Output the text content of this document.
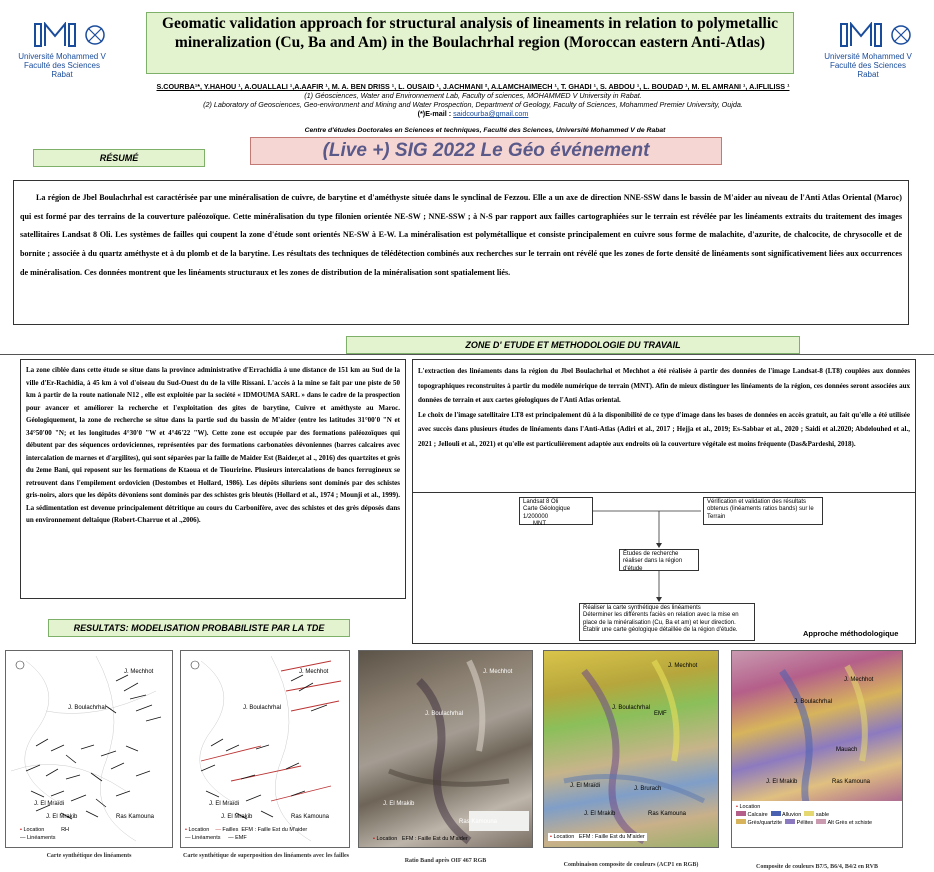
Université Mohammed V
Faculté des Sciences
Rabat
Université Mohammed V
Faculté des Sciences
Rabat
Geomatic validation approach for structural analysis of lineaments in relation to polymetallic mineralization (Cu, Ba and Am) in the Boulachrhal region (Moroccan eastern Anti-Atlas)
S.COURBA¹*, Y.HAHOU ¹, A.OUALLALI ¹,A.AAFIR ¹, M. A. BEN DRISS ¹, L. OUSAID ¹, J.ACHMANI ², A.LAMCHAIMECH ¹, T. GHADI ¹, S. ABDOU ¹, L. BOUDAD ¹, M. EL AMRANI ¹, A.IFLILISS ¹
(1) Géosciences, Water and Environnement Lab, Faculty of sciences, MOHAMMED V University in Rabat.
(2) Laboratory of Geosciences, Geo-environment and Mining and Water Prospection, Department of Geology, Faculty of Sciences, Mohammed Premier University, Oujda.
(*)E-mail : saidcourba@gmail.com
Centre d'études Doctorales en Sciences et techniques, Faculté des Sciences, Université Mohammed V de Rabat
(Live +) SIG 2022 Le Géo événement
RÉSUMÉ
La région de Jbel Boulachrhal est caractérisée par une minéralisation de cuivre, de barytine et d'améthyste située dans le synclinal de Fezzou. Elle a un axe de direction NNE-SSW dans le bassin de M'aider au niveau de l'Anti Atlas Oriental (Maroc) qui est formé par des terrains de la couverture paléozoïque. Cette minéralisation du type filonien orientée NE-SW ; NNE-SSW ; à N-S par rapport aux failles cartographiées sur le terrain est révélée par les linéaments extraits du traitement des images satellitaires Landsat 8 Oli. Les systèmes de failles qui coupent la zone d'étude sont orientés NE-SW à E-W. La minéralisation est polymétallique et consiste principalement en cuivre sous forme de malachite, d'azurite, de chalcocite, de chrysocolle et de bornite ; associée à du quartz améthyste et à du plomb et de la barytine. Les résultats des techniques de télédétection combinés aux recherches sur le terrain ont révélé que les zones de forte densité de linéaments sont significativement liées aux occurrences de minéralisation. Ces données montrent que les linéaments structuraux et les zones de distribution de la minéralisation sont spatialement liés.
ZONE D' ETUDE ET METHODOLOGIE DU TRAVAIL
La zone ciblée dans cette étude se situe dans la province administrative d'Errachidia à une distance de 151 km au Sud de la ville d'Er-Rachidia, à 45 km à vol d'oiseau du Sud-Ouest du de la ville Rissani. L'accès à la mine se fait par une piste de 50 km à partir de la route nationale N12 , elle est exploitée par la société « IDMOUMA SARL » dans le cadre de la prospection pour avancer et améliorer la recherche et l'exploitation des gites de barytine, Cuivre et améthyste au Maroc. Géologiquement, la zone de recherche se situe dans la partie sud du bassin de M'aider (entre les latitudes 31°00'0 "N et 34°50'00 "N; et les longitudes 4°30'0 "W et 4°46'22 "W). Cette zone est occupée par des formations paléozoïques qui débutent par des séquences ordoviciennes, représentées par des formations carbonatées dévoniennes (barres calcaires avec intercalation de marnes et d'argilites), qui sont séparées par la faille de Maider Est (Baider,et al ., 2016) des quartzites et grès du 2eme Bani, qui reposent sur les formations de Ktaoua et de Tiouririne. Plusieurs intercalations de bancs ferrugineux se retrouvent dans l'empilement ordovicien (Destombes et Hollard, 1986). Les dépôts siluriens sont dominés par des schistes gris-noirs, alors que les dépôts dévoniens sont dominés par des schistes gris bleutés (Hollard et al., 1974 ; Mounji et al., 1999). La sédimentation est devenue principalement détritique au cours du Carbonifère, avec des schistes et des grès déposés dans un environnement deltaïque (Robert-Charrue et al .,2006).
L'extraction des linéaments dans la région du Jbel Boulachrhal et Mechhot a été réalisée à partir des données de l'image Landsat-8 (LT8) couplées aux données topographiques reconstruites à partir du modèle numérique de terrain (MNT). Afin de mieux distinguer les linéaments de la région, ces données seront associées aux données de terrain et aux cartes géologiques de l'Anti Atlas oriental.
Le choix de l'image satellitaire LT8 est principalement dû à la disponibilité de ce type d'image dans les bases de données en accès gratuit, au fait qu'elle a été utilisée avec succès dans plusieurs études de linéaments dans l'Anti-Atlas (Adiri et al., 2017 ; Hejja et al., 2019; Es-Sabbar et al., 2020 ; Saidi et al.2020; Abdelouhed et al., 2021 ; Jellouli et al., 2021) et qu'elle est particulièrement adaptée aux endroits où la couverture végétale est moins fréquente (Das&Pardeshi, 2018).
Landsat 8 Oli
Carte Géologique 1/200000
MNT
Vérification et validation des résultats obtenus (linéaments ratios bands) sur le Terrain
Études de recherche réaliser dans la région d'étude
Réaliser la carte synthétique des linéaments
Déterminer les différents faciès en relation avec la mise en place de la minéralisation (Cu, Ba et am) et leur direction.
Établir une carte géologique détaillée de la région d'étude.	Approche méthodologique
RESULTATS: MODELISATION PROBABILISTE PAR LA TDE
J. Mechhot
J. Boulachrhal
J. El Mraïdi
J. El Mrakib	Ras Kamouna
• Location	RH
— Linéaments
Carte synthétique des linéaments
J. Mechhot
J. Boulachrhal
J. El Mraïdi
J. El Mrakib	Ras Kamouna
• Location — Failles EFM : Faille Est du M'aider
— Linéaments     — EMF
Carte synthétique de superposition des linéaments avec les failles
J. Mechhot
J. Boulachrhal
J. El Mrakib
Ras Kamouna
• Location EFM : Faille Est du M'aider
Ratio Band après OIF 467 RGB
J. Mechhot
J. Boulachrhal
EMF
J. El Mraïdi	J. Brurach
J. El Mrakib	Ras Kamouna
• Location EFM : Faille Est du M'aider
Combinaison composite de couleurs (ACP1 en RGB)
J. Mechhot
J. Boulachrhal
Mauach
J. El Mrakib	Ras Kamouna
• Location
Calcaire	Alluvion	sable
Grès/quartzite	Pélites	Alt Grès et schiste
Composite de couleurs B7/5, B6/4, B4/2 en RVB
